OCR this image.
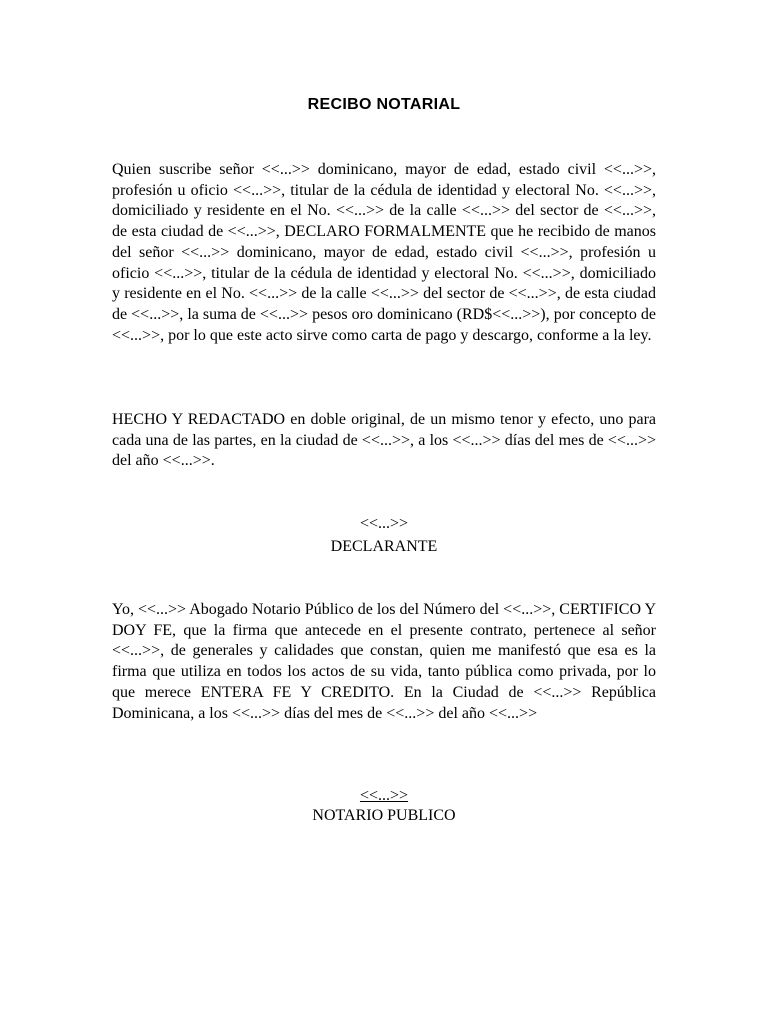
RECIBO NOTARIAL

Quien suscribe señor <<...>> dominicano, mayor de edad, estado civil <<...>>, profesión u oficio <<...>>, titular de la cédula de identidad y electoral No. <<...>>, domiciliado y residente en el No. <<...>> de la calle <<...>> del sector de <<...>>, de esta ciudad de <<...>>, DECLARO FORMALMENTE que he recibido de manos del señor <<...>> dominicano, mayor de edad, estado civil <<...>>, profesión u oficio <<...>>, titular de la cédula de identidad y electoral No. <<...>>, domiciliado y residente en el No. <<...>> de la calle <<...>> del sector de <<...>>, de esta ciudad de <<...>>, la suma de <<...>> pesos oro dominicano (RD$<<...>>), por concepto de <<...>>, por lo que este acto sirve como carta de pago y descargo, conforme a la ley.

HECHO Y REDACTADO en doble original, de un mismo tenor y efecto, uno para cada una de las partes, en la ciudad de <<...>>, a los <<...>> días del mes de <<...>> del año <<...>>.

<<...>>

DECLARANTE

Yo, <<...>> Abogado Notario Público de los del Número del <<...>>, CERTIFICO Y DOY FE, que la firma que antecede en el presente contrato, pertenece al señor <<...>>, de generales y calidades que constan, quien me manifestó que esa es la firma que utiliza en todos los actos de su vida, tanto pública como privada, por lo que merece ENTERA FE Y CREDITO. En la Ciudad de <<...>> República Dominicana, a los <<...>> días del mes de <<...>> del año <<...>>

<<...>>

NOTARIO PUBLICO
